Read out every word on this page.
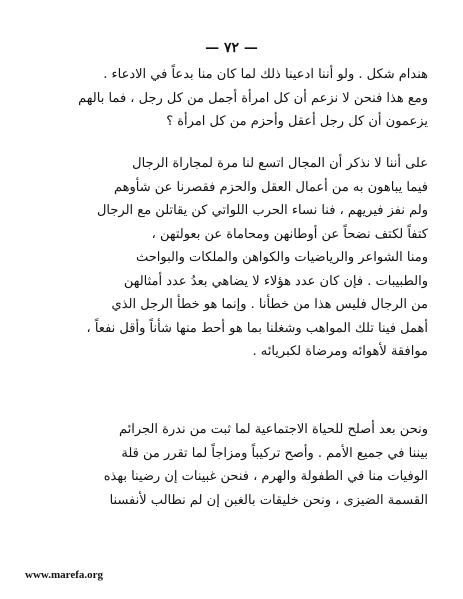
— ٧٢ —
هندام شكل . ولو أننا ادعينا ذلك لما كان منا بدعاً في الادعاء .
ومع هذا فنحن لا نزعم أن كل امرأة أجمل من كل رجل ، فما بالهم
يزعمون أن كل رجل أعقل وأحزم من كل امرأة ؟
على أننا لا نذكر أن المجال اتسع لنا مرة لمجاراة الرجال
فيما يباهون به من أعمال العقل والحزم فقصرنا عن شأوهم
ولم نفز فيريهم ، فنا نساء الحرب اللواتي كن يقاتلن مع الرجال
كتفاً لكتف نضحاً عن أوطانهن ومحاماة عن بعولتهن ،
ومنا الشواعر والرياضيات والكواهن والملكات والبواحث
والطبيبات . فإن كان عدد هؤلاء لا يضاهي بعدُ عدد أمثالهن
من الرجال فليس هذا من خطأنا . وإنما هو خطأ الرجل الذي
أهمل فينا تلك المواهب وشغلنا بما هو أحط منها شأناً وأقل نفعاً ،
موافقة لأهوائه ومرضاة لكبريائه .
ونحن بعد أصلح للحياة الاجتماعية لما ثبت من ندرة الجرائم
بيننا في جميع الأمم . وأصح تركيباً ومزاجاً لما تقرر من قلة
الوفيات منا في الطفولة والهرم ، فنحن غبينات إن رضينا بهذه
القسمة الضيزى ، ونحن خليقات بالغبن إن لم نطالب لأنفسنا
www.marefa.org
